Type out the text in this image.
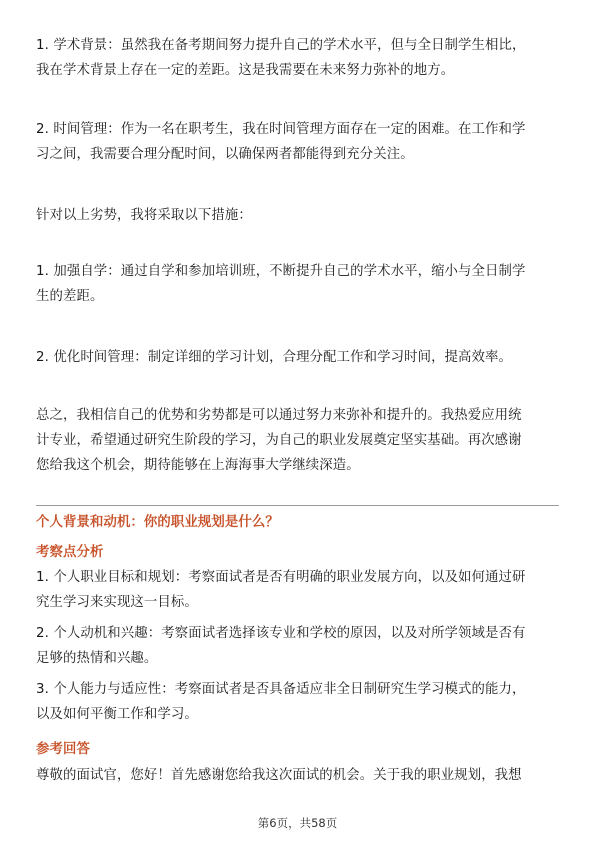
1. 学术背景：虽然我在备考期间努力提升自己的学术水平，但与全日制学生相比，
我在学术背景上存在一定的差距。这是我需要在未来努力弥补的地方。

2. 时间管理：作为一名在职考生，我在时间管理方面存在一定的困难。在工作和学
习之间，我需要合理分配时间，以确保两者都能得到充分关注。

针对以上劣势，我将采取以下措施：

1. 加强自学：通过自学和参加培训班，不断提升自己的学术水平，缩小与全日制学
生的差距。

2. 优化时间管理：制定详细的学习计划，合理分配工作和学习时间，提高效率。

总之，我相信自己的优势和劣势都是可以通过努力来弥补和提升的。我热爱应用统
计专业，希望通过研究生阶段的学习，为自己的职业发展奠定坚实基础。再次感谢
您给我这个机会，期待能够在上海海事大学继续深造。

个人背景和动机：你的职业规划是什么？

考察点分析

1. 个人职业目标和规划：考察面试者是否有明确的职业发展方向，以及如何通过研
究生学习来实现这一目标。

2. 个人动机和兴趣：考察面试者选择该专业和学校的原因，以及对所学领域是否有
足够的热情和兴趣。

3. 个人能力与适应性：考察面试者是否具备适应非全日制研究生学习模式的能力，
以及如何平衡工作和学习。

参考回答

尊敬的面试官，您好！首先感谢您给我这次面试的机会。关于我的职业规划，我想

第6页，共58页
